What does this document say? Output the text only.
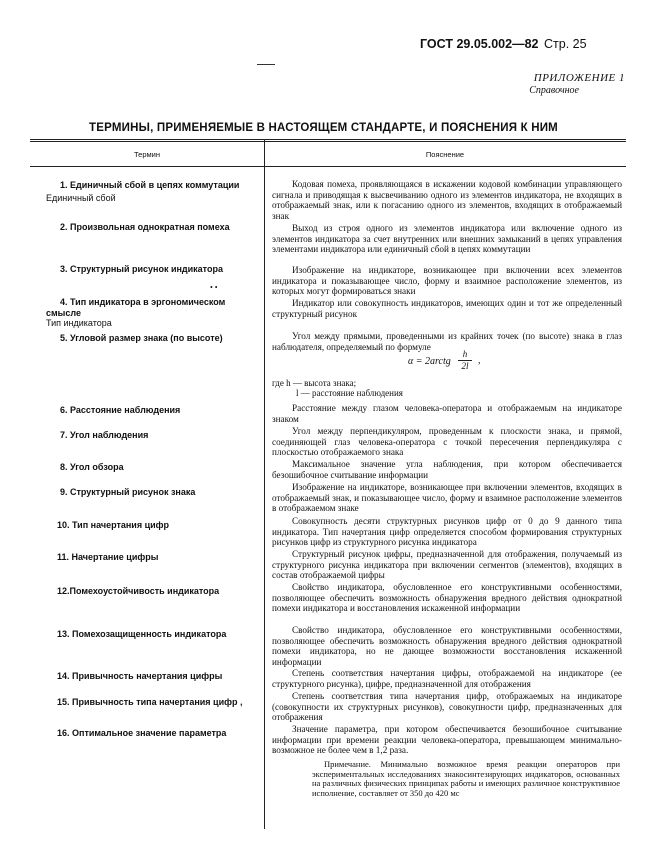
ГОСТ 29.05.002—82 Стр. 25
ПРИЛОЖЕНИЕ 1
Справочное
ТЕРМИНЫ, ПРИМЕНЯЕМЫЕ В НАСТОЯЩЕМ СТАНДАРТЕ, И ПОЯСНЕНИЯ К НИМ
Термин	Пояснение
1. Единичный сбой в цепях коммутации
Единичный сбой
2. Произвольная однократная помеха
3. Структурный рисунок индикатора
• •
4. Тип индикатора в эргономическом смысле
Тип индикатора
5. Угловой размер знака (по высоте)
6. Расстояние наблюдения
7. Угол наблюдения
8. Угол обзора
9. Структурный рисунок знака
10. Тип начертания цифр
11. Начертание цифры
12.Помехоустойчивость индикатора
13. Помехозащищенность индикатора
14. Привычность начертания цифры
15. Привычность типа начертания цифр ,
16. Оптимальное значение параметра
Кодовая помеха, проявляющаяся в искажении кодовой комбинации управляющего сигнала и приводящая к высвечиванию одного из элементов индикатора, не входящих в отображаемый знак, или к погасанию одного из элементов, входящих в отображаемый знак
Выход из строя одного из элементов индикатора или включение одного из элементов индикатора за счет внутренних или внешних замыканий в цепях управления элементами индикатора или единичный сбой в цепях коммутации
Изображение на индикаторе, возникающее при включении всех элементов индикатора и показывающее число, форму и взаимное расположение элементов, из которых могут формироваться знаки
Индикатор или совокупность индикаторов, имеющих один и тот же определенный структурный рисунок
Угол между прямыми, проведенными из крайних точек (по высоте) знака в глаз наблюдателя, определяемый по формуле
α = 2arctg $\frac{h}{2l}$ ,
где h — высота знака;
l — расстояние наблюдения
Расстояние между глазом человека-оператора и отображаемым на индикаторе знаком
Угол между перпендикуляром, проведенным к плоскости знака, и прямой, соединяющей глаз человека-оператора с точкой пересечения перпендикуляра с плоскостью отображаемого знака
Максимальное значение угла наблюдения, при котором обеспечивается безошибочное считывание информации
Изображение на индикаторе, возникающее при включении элементов, входящих в отображаемый знак, и показывающее число, форму и взаимное расположение элементов в отображаемом знаке
Совокупность десяти структурных рисунков цифр от 0 до 9 данного типа индикатора. Тип начертания цифр определяется способом формирования структурных рисунков цифр из структурного рисунка индикатора
Структурный рисунок цифры, предназначенной для отображения, получаемый из структурного рисунка индикатора при включении сегментов (элементов), входящих в состав отображаемой цифры
Свойство индикатора, обусловленное его конструктивными особенностями, позволяющее обеспечить возможность обнаружения вредного действия однократной помехи индикатора и восстановления искаженной информации
Свойство индикатора, обусловленное его конструктивными особенностями, позволяющее обеспечить возможность обнаружения вредного действия однократной помехи индикатора, но не дающее возможности восстановления искаженной информации
Степень соответствия начертания цифры, отображаемой на индикаторе (ее структурного рисунка), цифре, предназначенной для отображения
Степень соответствия типа начертания цифр, отображаемых на индикаторе (совокупности их структурных рисунков), совокупности цифр, предназначенных для отображения
Значение параметра, при котором обеспечивается безошибочное считывание информации при времени реакции человека-оператора, превышающем минимально-возможное не более чем в 1,2 раза.
Примечание. Минимально возможное время реакции операторов при экспериментальных исследованиях знакосинтезирующих индикаторов, основанных на различных физических принципах работы и имеющих различное конструктивное исполнение, составляет от 350 до 420 мс
